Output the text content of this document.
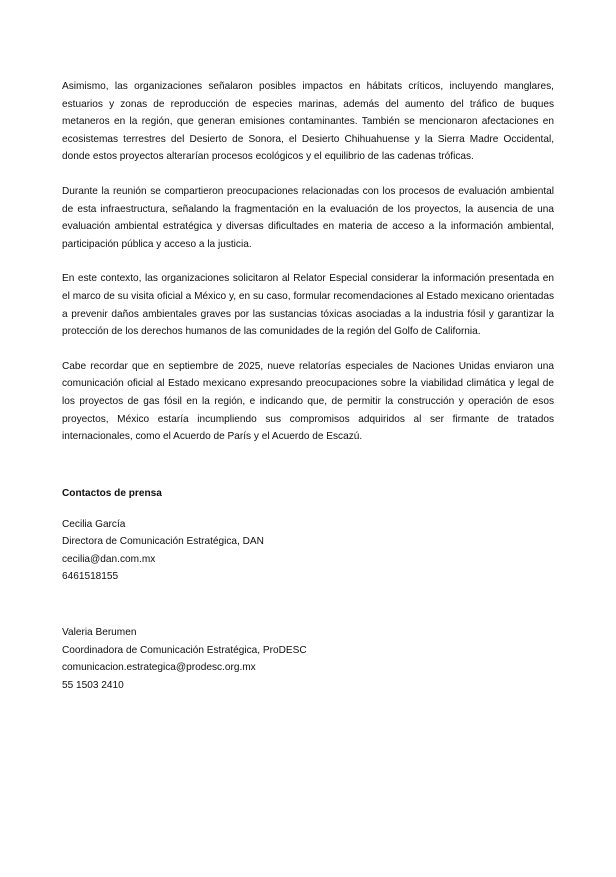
Asimismo, las organizaciones señalaron posibles impactos en hábitats críticos, incluyendo manglares, estuarios y zonas de reproducción de especies marinas, además del aumento del tráfico de buques metaneros en la región, que generan emisiones contaminantes. También se mencionaron afectaciones en ecosistemas terrestres del Desierto de Sonora, el Desierto Chihuahuense y la Sierra Madre Occidental, donde estos proyectos alterarían procesos ecológicos y el equilibrio de las cadenas tróficas.

Durante la reunión se compartieron preocupaciones relacionadas con los procesos de evaluación ambiental de esta infraestructura, señalando la fragmentación en la evaluación de los proyectos, la ausencia de una evaluación ambiental estratégica y diversas dificultades en materia de acceso a la información ambiental, participación pública y acceso a la justicia.

En este contexto, las organizaciones solicitaron al Relator Especial considerar la información presentada en el marco de su visita oficial a México y, en su caso, formular recomendaciones al Estado mexicano orientadas a prevenir daños ambientales graves por las sustancias tóxicas asociadas a la industria fósil y garantizar la protección de los derechos humanos de las comunidades de la región del Golfo de California.

Cabe recordar que en septiembre de 2025, nueve relatorías especiales de Naciones Unidas enviaron una comunicación oficial al Estado mexicano expresando preocupaciones sobre la viabilidad climática y legal de los proyectos de gas fósil en la región, e indicando que, de permitir la construcción y operación de esos proyectos, México estaría incumpliendo sus compromisos adquiridos al ser firmante de tratados internacionales, como el Acuerdo de París y el Acuerdo de Escazú.

Contactos de prensa
Cecilia García
Directora de Comunicación Estratégica, DAN
cecilia@dan.com.mx
6461518155
Valeria Berumen
Coordinadora de Comunicación Estratégica, ProDESC
comunicacion.estrategica@prodesc.org.mx
55 1503 2410
